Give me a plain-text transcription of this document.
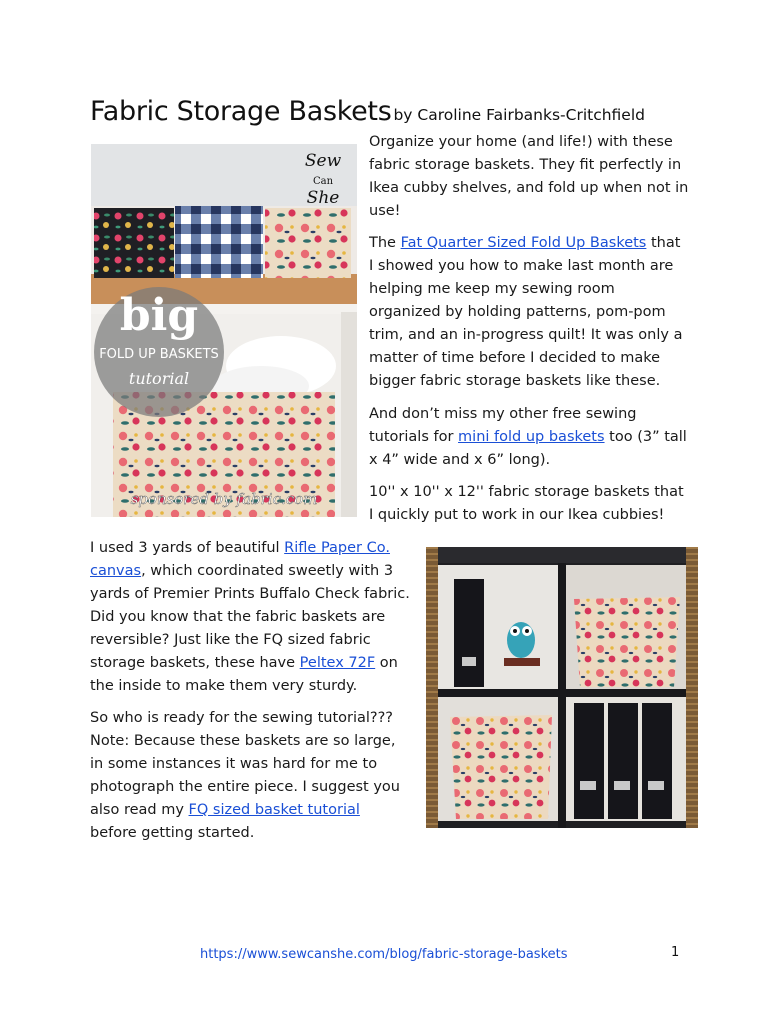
Fabric Storage Baskets by Caroline Fairbanks-Critchfield
big
FOLD UP BASKETS
tutorial
Sew
Can
She
sponsored by fabric.com

Organize your home (and life!) with these fabric storage baskets. They fit perfectly in Ikea cubby shelves, and fold up when not in use!

The Fat Quarter Sized Fold Up Baskets that I showed you how to make last month are helping me keep my sewing room organized by holding patterns, pom-pom trim, and an in-progress quilt! It was only a matter of time before I decided to make bigger fabric storage baskets like these.

And don’t miss my other free sewing tutorials for mini fold up baskets too (3” tall x 4” wide and x 6” long).

10'' x 10'' x 12'' fabric storage baskets that I quickly put to work in our Ikea cubbies!

I used 3 yards of beautiful Rifle Paper Co. canvas, which coordinated sweetly with 3 yards of Premier Prints Buffalo Check fabric. Did you know that the fabric baskets are reversible? Just like the FQ sized fabric storage baskets, these have Peltex 72F on the inside to make them very sturdy.

So who is ready for the sewing tutorial??? Note: Because these baskets are so large, in some instances it was hard for me to photograph the entire piece. I suggest you also read my FQ sized basket tutorial before getting started.

https://www.sewcanshe.com/blog/fabric-storage-baskets	1
